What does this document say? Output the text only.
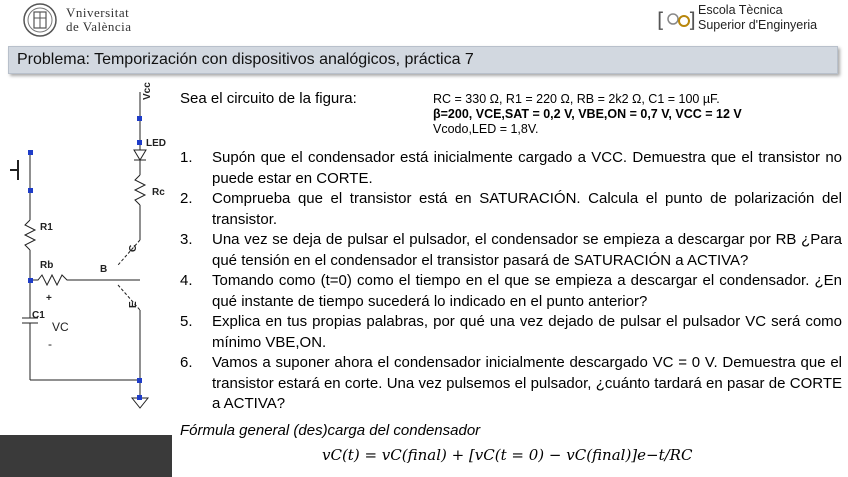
Vniversitat
de València	[ ] Escola Tècnica
Superior d'Enginyeria
Problema: Temporización con dispositivos analógicos, práctica 7
Vcc
LED
Rc
R1
Rb	B
C
E
+
C1
VC
-
Sea el circuito de la figura:	RC = 330 Ω, R1 = 220 Ω, RB = 2k2 Ω, C1 = 100 µF.
β=200, VCE,SAT = 0,2 V, VBE,ON = 0,7 V, VCC = 12 V
Vcodo,LED = 1,8V.
1.	Supón que el condensador está inicialmente cargado a VCC. Demuestra que el transistor no puede estar en CORTE.
2.	Comprueba que el transistor está en SATURACIÓN. Calcula el punto de polarización del transistor.
3.	Una vez se deja de pulsar el pulsador, el condensador se empieza a descargar por RB ¿Para qué tensión en el condensador el transistor pasará de SATURACIÓN a ACTIVA?
4.	Tomando como (t=0) como el tiempo en el que se empieza a descargar el condensador. ¿En qué instante de tiempo sucederá lo indicado en el punto anterior?
5.	Explica en tus propias palabras, por qué una vez dejado de pulsar el pulsador VC será como mínimo VBE,ON.
6.	Vamos a suponer ahora el condensador inicialmente descargado VC = 0 V. Demuestra que el transistor estará en corte. Una vez pulsemos el pulsador, ¿cuánto tardará en pasar de CORTE a ACTIVA?
Fórmula general (des)carga del condensador
vC(t) = vC(final) + [vC(t = 0) − vC(final)]e−t/RC
